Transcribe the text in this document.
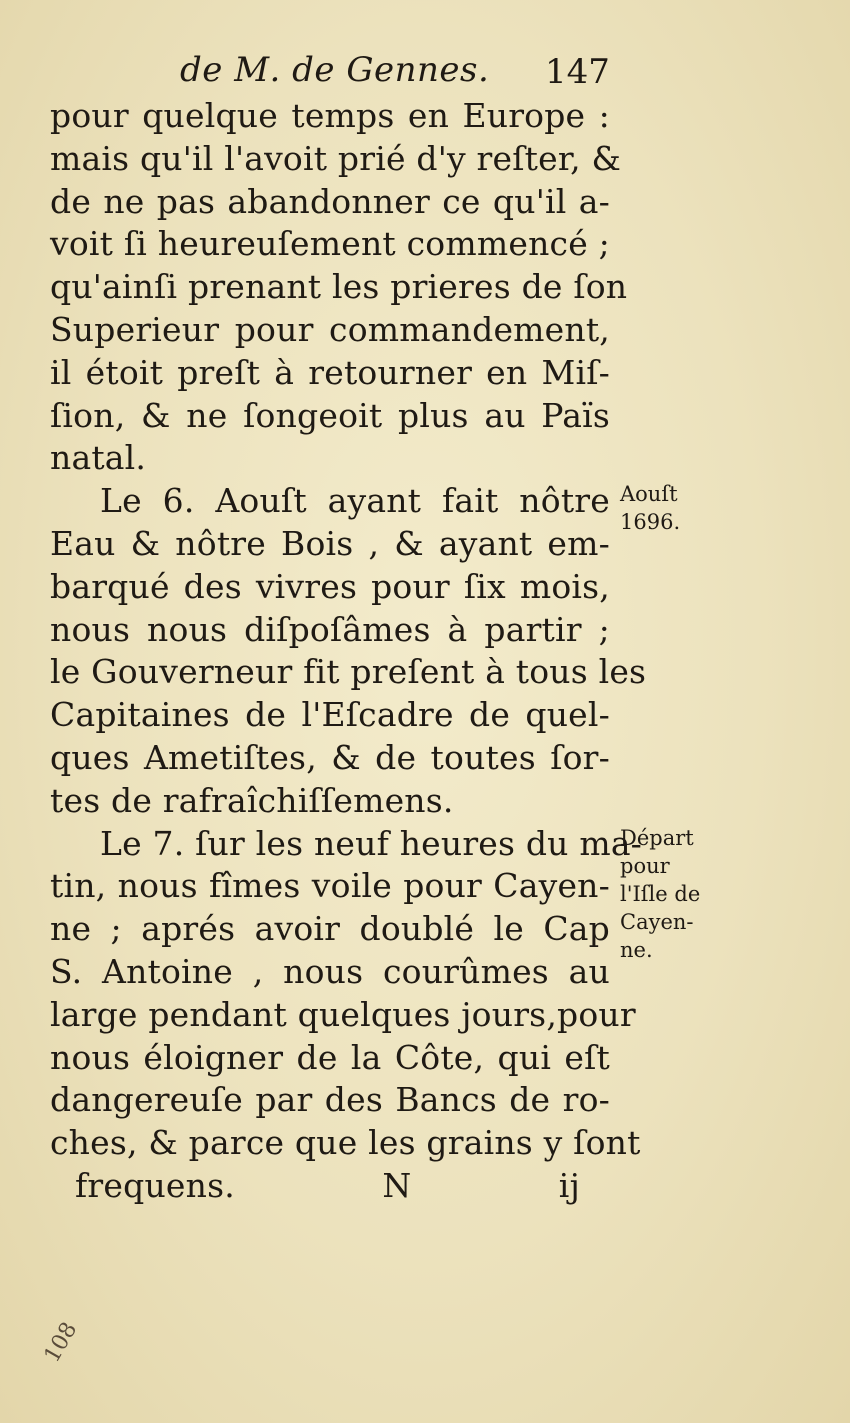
de M. de Gennes. 147
pour quelque temps en Europe :
mais qu'il l'avoit prié d'y reſter, &
de ne pas abandonner ce qu'il a-
voit ſi heureuſement commencé ;
qu'ainſi prenant les prieres de ſon
Superieur pour commandement,
il étoit preſt à retourner en Miſ-
ſion, & ne ſongeoit plus au Païs
natal.
Le 6. Aouſt ayant fait nôtre
Eau & nôtre Bois , & ayant em-
barqué des vivres pour ſix mois,
nous nous diſpoſâmes à partir ;
le Gouverneur fit preſent à tous les
Capitaines de l'Eſcadre de quel-
ques Ametiſtes, & de toutes ſor-
tes de rafraîchiſſemens.
Le 7. ſur les neuf heures du ma-
tin, nous fîmes voile pour Cayen-
ne ; aprés avoir doublé le Cap
S. Antoine , nous courûmes au
large pendant quelques jours,pour
nous éloigner de la Côte, qui eſt
dangereuſe par des Bancs de ro-
ches, & parce que les grains y ſont
frequens.	N ij
Aouſt
1696.
Départ
pour
l'Iſle de
Cayen-
ne.
108
